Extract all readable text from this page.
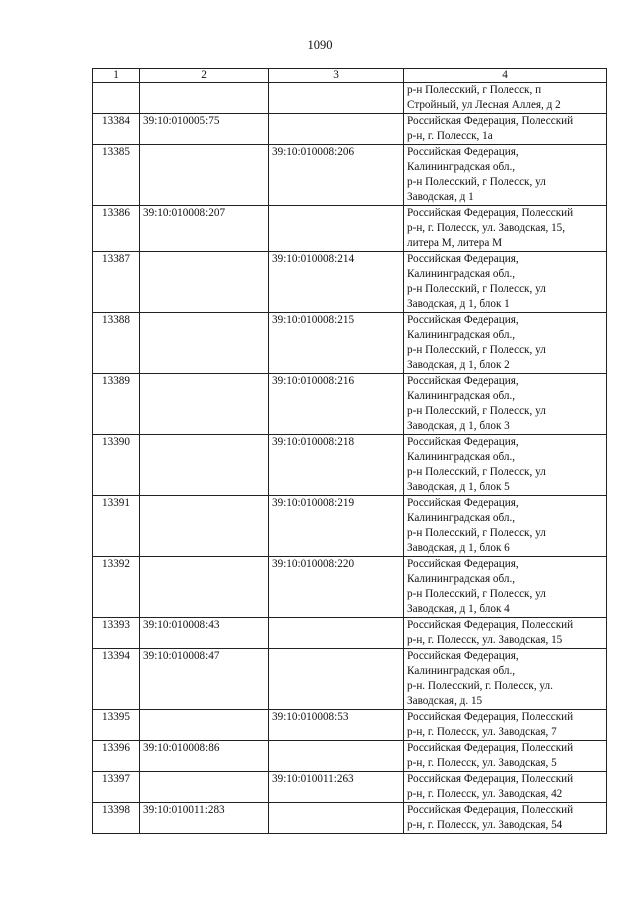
1090
1	2	3	4

			р-н Полесский, г Полесск, п
Стройный, ул Лесная Аллея, д 2

13384	39:10:010005:75		Российская Федерация, Полесский
р-н, г. Полесск, 1а

13385		39:10:010008:206	Российская Федерация,
Калининградская обл.,
р-н Полесский, г Полесск, ул
Заводская, д 1

13386	39:10:010008:207		Российская Федерация, Полесский
р-н, г. Полесск, ул. Заводская, 15,
литера М, литера М

13387		39:10:010008:214	Российская Федерация,
Калининградская обл.,
р-н Полесский, г Полесск, ул
Заводская, д 1, блок 1

13388		39:10:010008:215	Российская Федерация,
Калининградская обл.,
р-н Полесский, г Полесск, ул
Заводская, д 1, блок 2

13389		39:10:010008:216	Российская Федерация,
Калининградская обл.,
р-н Полесский, г Полесск, ул
Заводская, д 1, блок 3

13390		39:10:010008:218	Российская Федерация,
Калининградская обл.,
р-н Полесский, г Полесск, ул
Заводская, д 1, блок 5

13391		39:10:010008:219	Российская Федерация,
Калининградская обл.,
р-н Полесский, г Полесск, ул
Заводская, д 1, блок 6

13392		39:10:010008:220	Российская Федерация,
Калининградская обл.,
р-н Полесский, г Полесск, ул
Заводская, д 1, блок 4

13393	39:10:010008:43		Российская Федерация, Полесский
р-н, г. Полесск, ул. Заводская, 15

13394	39:10:010008:47		Российская Федерация,
Калининградская обл.,
р-н. Полесский, г. Полесск, ул.
Заводская, д. 15

13395		39:10:010008:53	Российская Федерация, Полесский
р-н, г. Полесск, ул. Заводская, 7

13396	39:10:010008:86		Российская Федерация, Полесский
р-н, г. Полесск, ул. Заводская, 5

13397		39:10:010011:263	Российская Федерация, Полесский
р-н, г. Полесск, ул. Заводская, 42

13398	39:10:010011:283		Российская Федерация, Полесский
р-н, г. Полесск, ул. Заводская, 54
